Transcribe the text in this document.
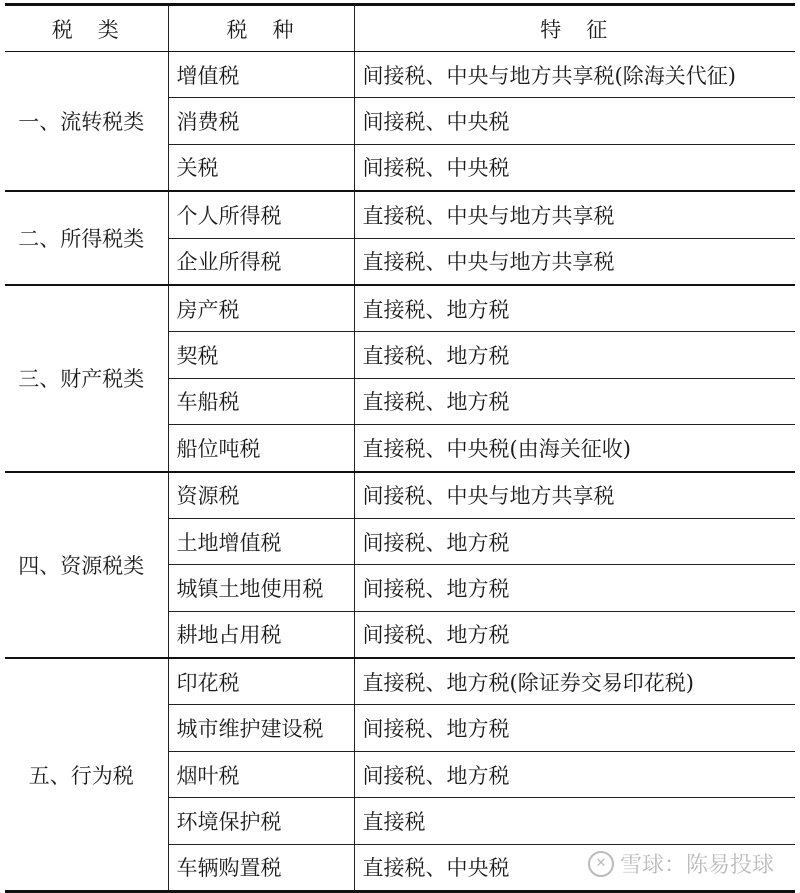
税　类	税　种	特　征
一、流转税类	增值税	间接税、中央与地方共享税(除海关代征)
	消费税	间接税、中央税
	关税	间接税、中央税
二、所得税类	个人所得税	直接税、中央与地方共享税
	企业所得税	直接税、中央与地方共享税
三、财产税类	房产税	直接税、地方税
	契税	直接税、地方税
	车船税	直接税、地方税
	船位吨税	直接税、中央税(由海关征收)
四、资源税类	资源税	间接税、中央与地方共享税
	土地增值税	间接税、地方税
	城镇土地使用税	间接税、地方税
	耕地占用税	间接税、地方税
五、行为税	印花税	直接税、地方税(除证券交易印花税)
	城市维护建设税	间接税、地方税
	烟叶税	间接税、地方税
	环境保护税	直接税
	车辆购置税	直接税、中央税	✕ 雪球：陈易投球
